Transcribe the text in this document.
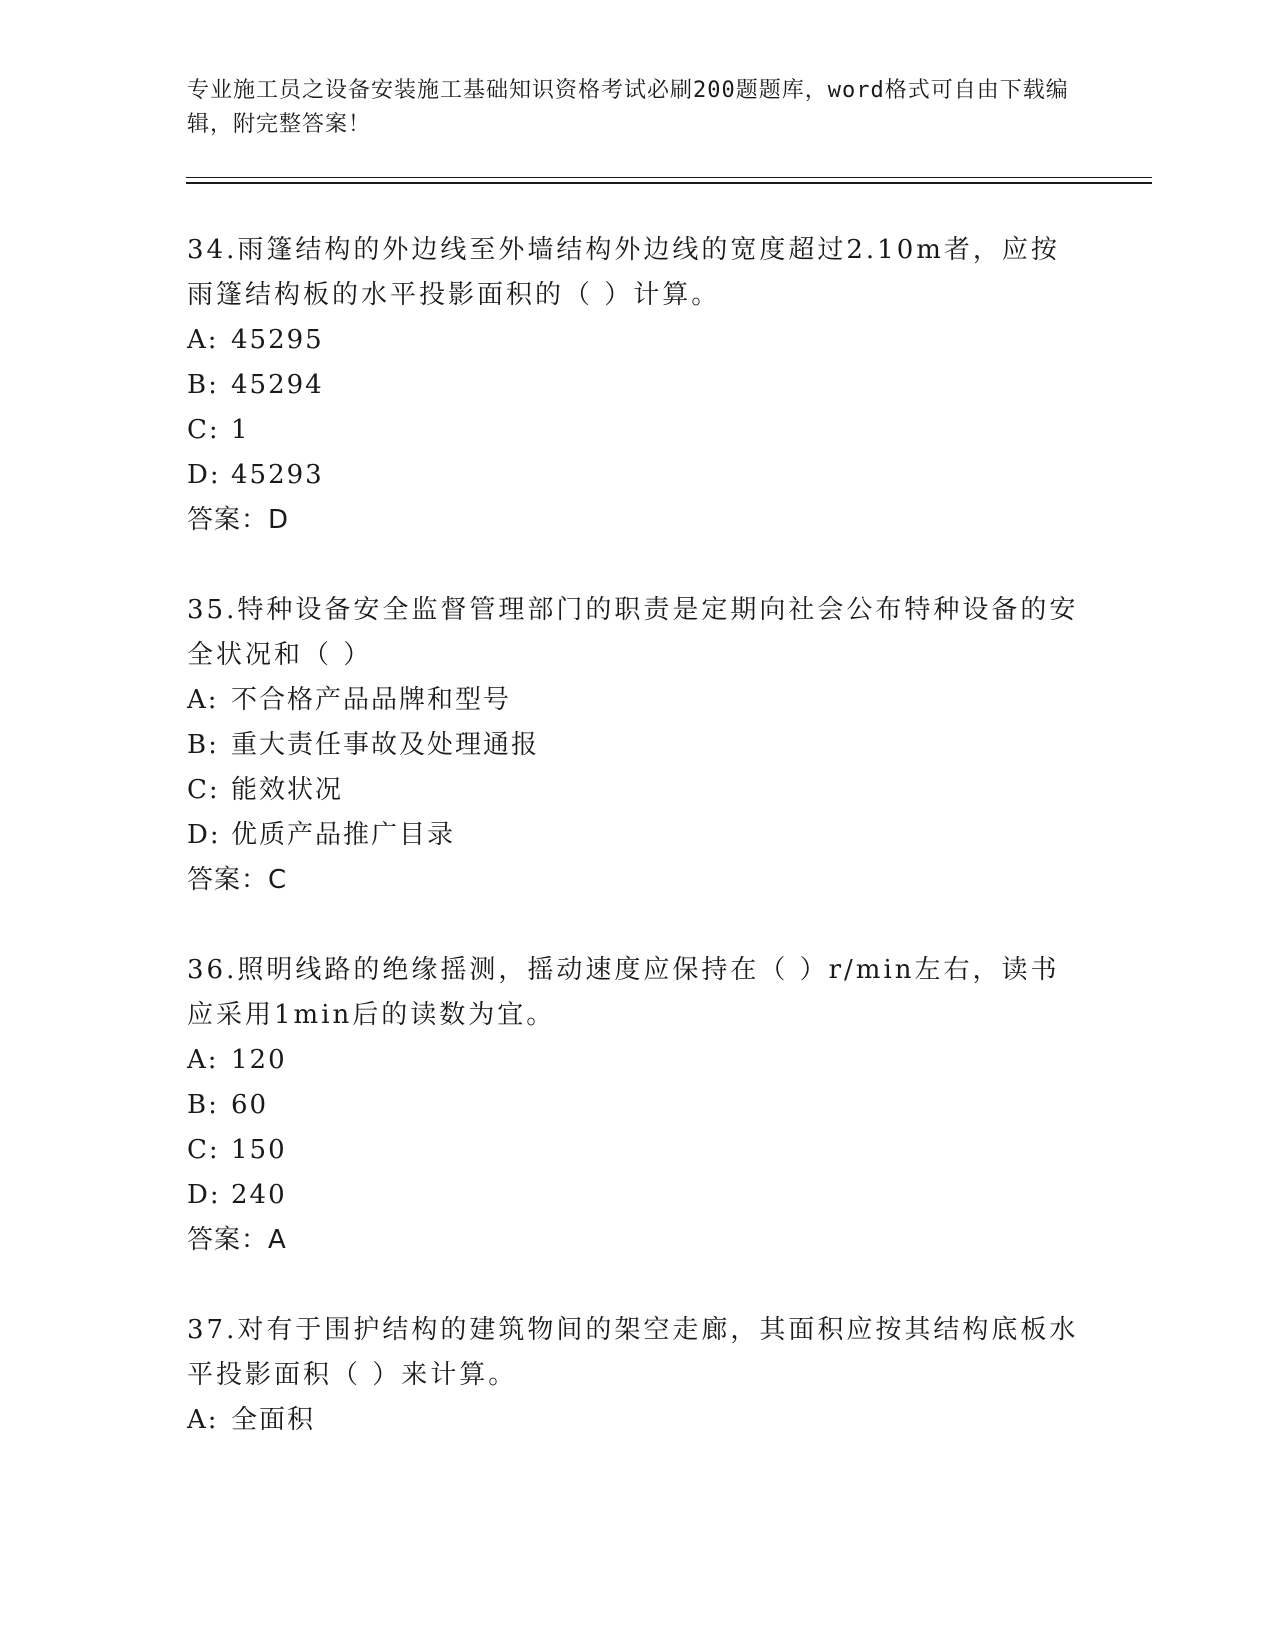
专业施工员之设备安装施工基础知识资格考试必刷200题题库，word格式可自由下载编辑，附完整答案！
34.雨篷结构的外边线至外墙结构外边线的宽度超过2.10m者，应按雨篷结构板的水平投影面积的（ ）计算。
A: 45295
B: 45294
C: 1
D: 45293
答案：D
35.特种设备安全监督管理部门的职责是定期向社会公布特种设备的安全状况和（ ）
A: 不合格产品品牌和型号
B: 重大责任事故及处理通报
C: 能效状况
D: 优质产品推广目录
答案：C
36.照明线路的绝缘摇测，摇动速度应保持在（ ）r/min左右，读书应采用1min后的读数为宜。
A: 120
B: 60
C: 150
D: 240
答案：A
37.对有于围护结构的建筑物间的架空走廊，其面积应按其结构底板水平投影面积（ ）来计算。
A: 全面积
